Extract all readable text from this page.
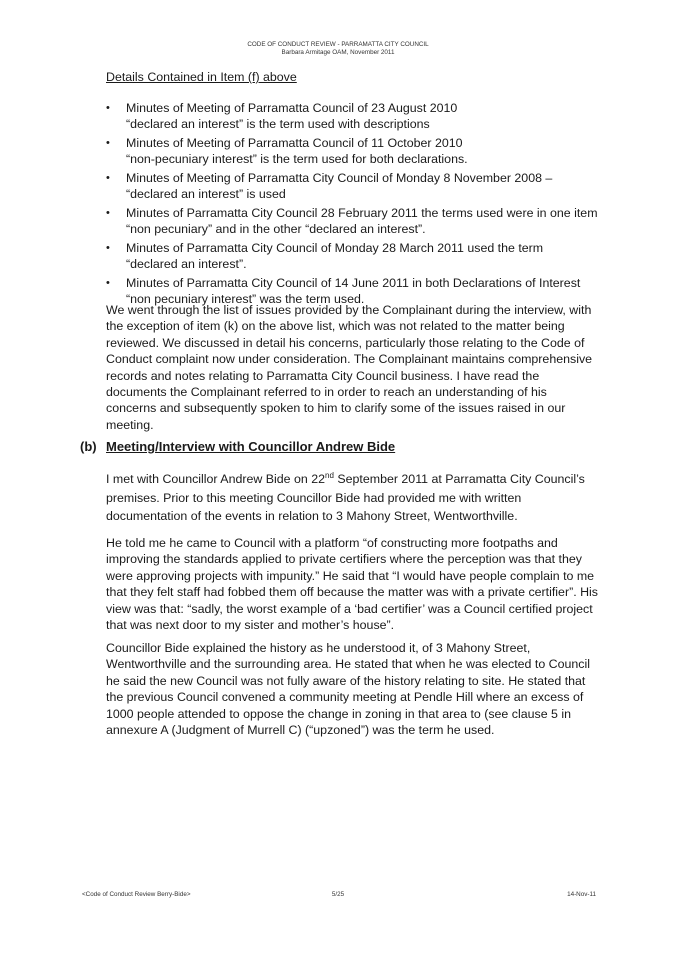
CODE OF CONDUCT REVIEW - PARRAMATTA CITY COUNCIL
Barbara Armitage OAM, November 2011
Details Contained in Item (f) above
• Minutes of Meeting of Parramatta Council of 23 August 2010
“declared an interest” is the term used with descriptions
• Minutes of Meeting of Parramatta Council of 11 October 2010
“non-pecuniary interest” is the term used for both declarations.
• Minutes of Meeting of Parramatta City Council of Monday 8 November 2008 – “declared an interest” is used
• Minutes of Parramatta City Council 28 February 2011 the terms used were in one item “non pecuniary” and in the other “declared an interest”.
• Minutes of Parramatta City Council of Monday 28 March 2011 used the term “declared an interest”.
• Minutes of Parramatta City Council of 14 June 2011 in both Declarations of Interest “non pecuniary interest” was the term used.
We went through the list of issues provided by the Complainant during the interview, with the exception of item (k) on the above list, which was not related to the matter being reviewed. We discussed in detail his concerns, particularly those relating to the Code of Conduct complaint now under consideration. The Complainant maintains comprehensive records and notes relating to Parramatta City Council business. I have read the documents the Complainant referred to in order to reach an understanding of his concerns and subsequently spoken to him to clarify some of the issues raised in our meeting.
(b) Meeting/Interview with Councillor Andrew Bide
I met with Councillor Andrew Bide on 22nd September 2011 at Parramatta City Council’s premises. Prior to this meeting Councillor Bide had provided me with written documentation of the events in relation to 3 Mahony Street, Wentworthville.
He told me he came to Council with a platform “of constructing more footpaths and improving the standards applied to private certifiers where the perception was that they were approving projects with impunity.” He said that “I would have people complain to me that they felt staff had fobbed them off because the matter was with a private certifier”. His view was that: “sadly, the worst example of a ‘bad certifier’ was a Council certified project that was next door to my sister and mother’s house”.
Councillor Bide explained the history as he understood it, of 3 Mahony Street, Wentworthville and the surrounding area. He stated that when he was elected to Council he said the new Council was not fully aware of the history relating to site. He stated that the previous Council convened a community meeting at Pendle Hill where an excess of 1000 people attended to oppose the change in zoning in that area to (see clause 5 in annexure A (Judgment of Murrell C) (“upzoned”) was the term he used.
<Code of Conduct Review Berry-Bide>	5/25	14-Nov-11
